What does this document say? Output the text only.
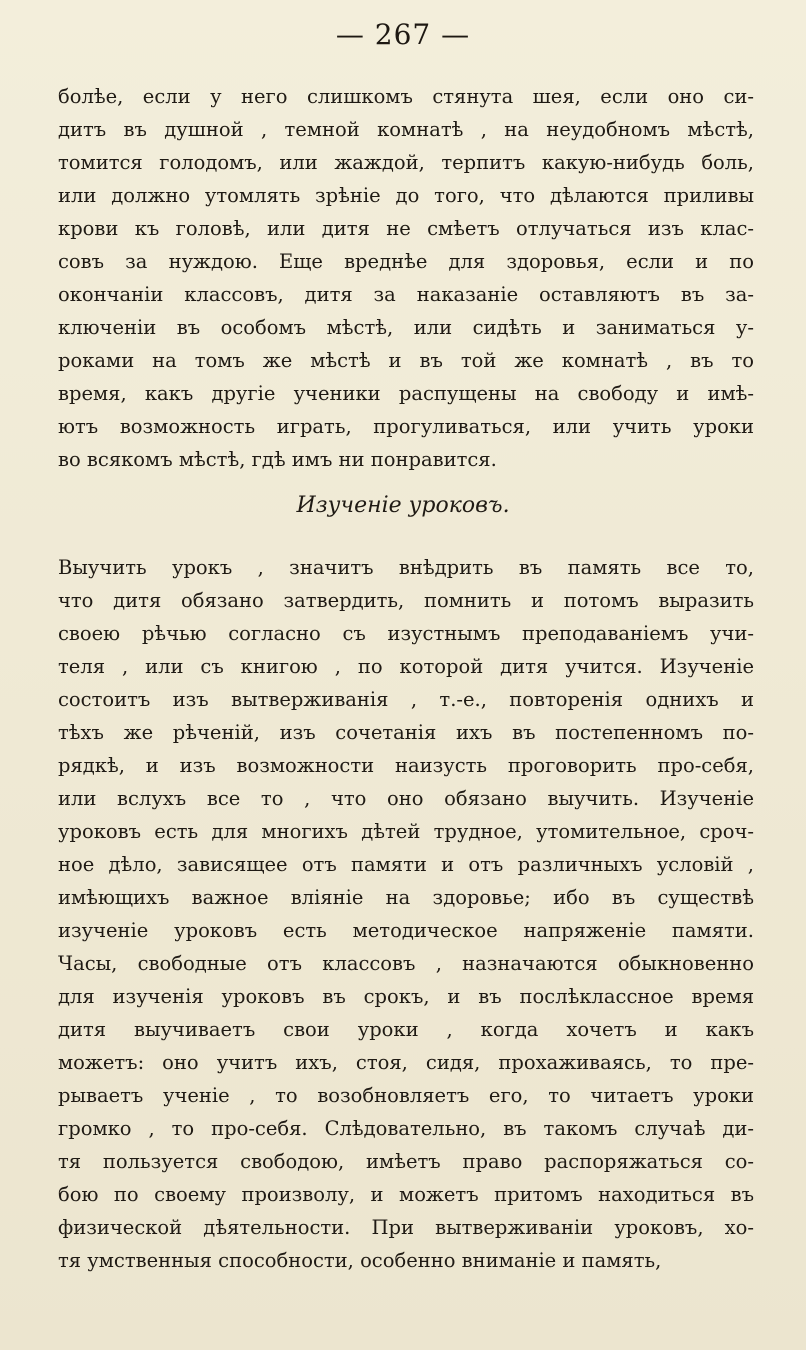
— 267 —
болѣе, если у него слишкомъ стянута шея, если оно си-
дитъ въ душной , темной комнатѣ , на неудобномъ мѣстѣ,
томится голодомъ, или жаждой, терпитъ какую-нибудь боль,
или должно утомлять зрѣніе до того, что дѣлаются приливы
крови къ головѣ, или дитя не смѣетъ отлучаться изъ клас-
совъ за нуждою. Еще вреднѣе для здоровья, если и по
окончаніи классовъ, дитя за наказаніе оставляютъ въ за-
ключеніи въ особомъ мѣстѣ, или сидѣть и заниматься у-
роками на томъ же мѣстѣ и въ той же комнатѣ , въ то
время, какъ другіе ученики распущены на свободу и имѣ-
ютъ возможность играть, прогуливаться, или учить уроки
во всякомъ мѣстѣ, гдѣ имъ ни понравится.
Изученіе уроковъ.
Выучить урокъ , значитъ внѣдрить въ память все то,
что дитя обязано затвердить, помнить и потомъ выразить
своею рѣчью согласно съ изустнымъ преподаваніемъ учи-
теля , или съ книгою , по которой дитя учится. Изученіе
состоитъ изъ вытверживанія , т.-е., повторенія однихъ и
тѣхъ же рѣченій, изъ сочетанія ихъ въ постепенномъ по-
рядкѣ, и изъ возможности наизусть проговорить про-себя,
или вслухъ все то , что оно обязано выучить. Изученіе
уроковъ есть для многихъ дѣтей трудное, утомительное, сроч-
ное дѣло, зависящее отъ памяти и отъ различныхъ условій ,
имѣющихъ важное вліяніе на здоровье; ибо въ существѣ
изученіе уроковъ есть методическое напряженіе памяти.
Часы, свободные отъ классовъ , назначаются обыкновенно
для изученія уроковъ въ срокъ, и въ послѣклассное время
дитя выучиваетъ свои уроки , когда хочетъ и какъ
можетъ: оно учитъ ихъ, стоя, сидя, прохаживаясь, то пре-
рываетъ ученіе , то возобновляетъ его, то читаетъ уроки
громко , то про-себя. Слѣдовательно, въ такомъ случаѣ ди-
тя пользуется свободою, имѣетъ право распоряжаться со-
бою по своему произволу, и можетъ притомъ находиться въ
физической дѣятельности. При вытверживаніи уроковъ, хо-
тя умственныя способности, особенно вниманіе и память,
